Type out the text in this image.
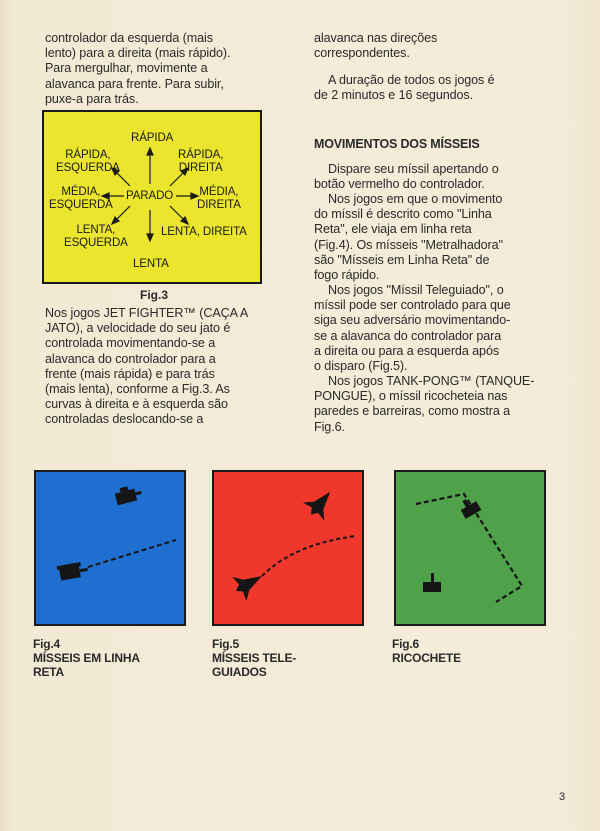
controlador da esquerda (mais
lento) para a direita (mais rápido).
Para mergulhar, movimente a
alavanca para frente. Para subir,
puxe-a para trás.

RÁPIDA
RÁPIDA,
ESQUERDA
RÁPIDA,
DIREITA
MÉDIA,
ESQUERDA
PARADO MÉDIA,
DIREITA
LENTA,
ESQUERDA
LENTA, DIREITA
LENTA

Fig.3

Nos jogos JET FIGHTER™ (CAÇA A
JATO), a velocidade do seu jato é
controlada movimentando-se a
alavanca do controlador para a
frente (mais rápida) e para trás
(mais lenta), conforme a Fig.3. As
curvas à direita e à esquerda são
controladas deslocando-se a

alavanca nas direções
correspondentes.

A duração de todos os jogos é
de 2 minutos e 16 segundos.

MOVIMENTOS DOS MÍSSEIS

Dispare seu míssil apertando o
botão vermelho do controlador.

Nos jogos em que o movimento
do míssil é descrito como "Linha
Reta", ele viaja em linha reta
(Fig.4). Os mísseis "Metralhadora"
são "Mísseis em Linha Reta" de
fogo rápido.

Nos jogos "Míssil Teleguiado", o
míssil pode ser controlado para que
siga seu adversário movimentando-
se a alavanca do controlador para
a direita ou para a esquerda após
o disparo (Fig.5).

Nos jogos TANK-PONG™ (TANQUE-
PONGUE), o míssil ricocheteia nas
paredes e barreiras, como mostra a
Fig.6.

Fig.4

MÍSSEIS EM LINHA
RETA

Fig.5

MÍSSEIS TELE-
GUIADOS

Fig.6

RICOCHETE

3
